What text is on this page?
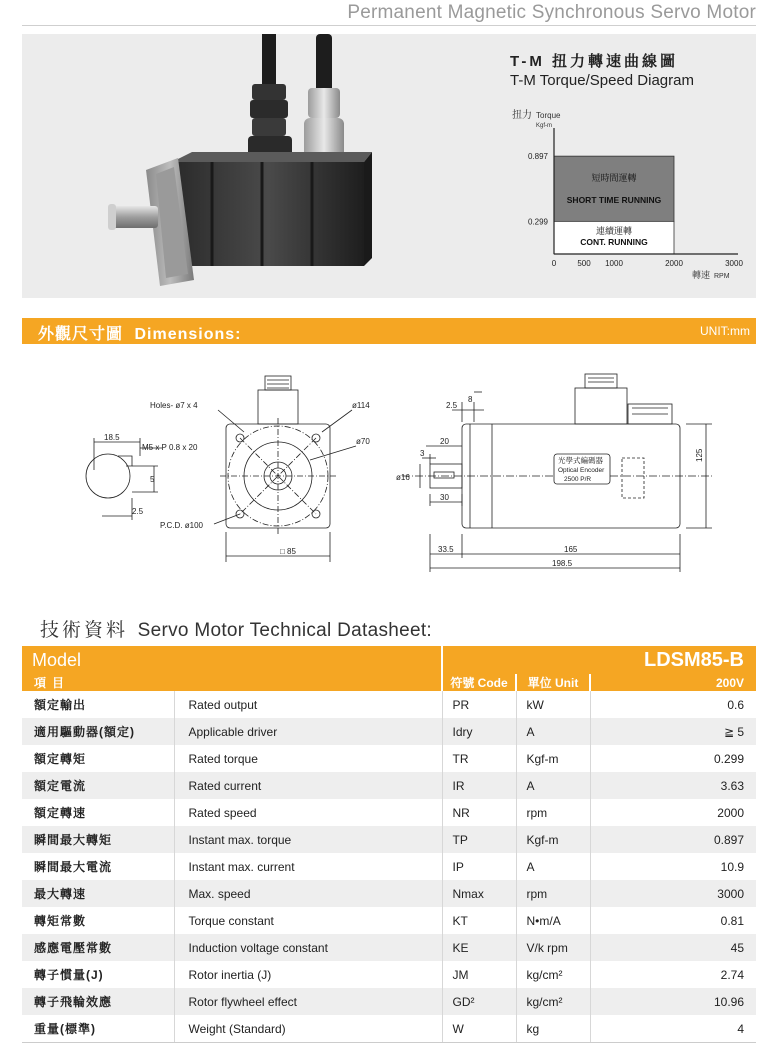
Permanent Magnetic Synchronous Servo Motor
T-M 扭力轉速曲線圖
T-M Torque/Speed Diagram
扭力 Torque
Kgf-m
轉速 RPM
短時間運轉
SHORT TIME RUNNING
連續運轉
CONT. RUNNING
0.897
0.299
0	500 1000	2000	3000
外觀尺寸圖 Dimensions:	UNIT:mm
Holes- ø7 x 4	ø114
ø70
18.5
M5 x P 0.8 x 20
5
2.5
P.C.D. ø100
□ 85
8
2.5
20
3
ø16
30
光學式編碼器
Optical Encoder
2500 P/R
125
33.5	165
198.5
技術資料 Servo Motor Technical Datasheet:
Model		LDSM85-B		
項目		符號 Code	單位 Unit	200V
額定輸出	Rated output	PR	kW	0.6
適用驅動器(額定)	Applicable driver	Idry	A	≧ 5
額定轉矩	Rated torque	TR	Kgf-m	0.299
額定電流	Rated current	IR	A	3.63
額定轉速	Rated speed	NR	rpm	2000
瞬間最大轉矩	Instant max. torque	TP	Kgf-m	0.897
瞬間最大電流	Instant max. current	IP	A	10.9
最大轉速	Max. speed	Nmax	rpm	3000
轉矩常數	Torque constant	KT	N•m/A	0.81
感應電壓常數	Induction voltage constant	KE	V/k rpm	45
轉子慣量(J)	Rotor inertia (J)	JM	kg/cm²	2.74
轉子飛輪效應	Rotor flywheel effect	GD²	kg/cm²	10.96
重量(標準)	Weight (Standard)	W	kg	4
